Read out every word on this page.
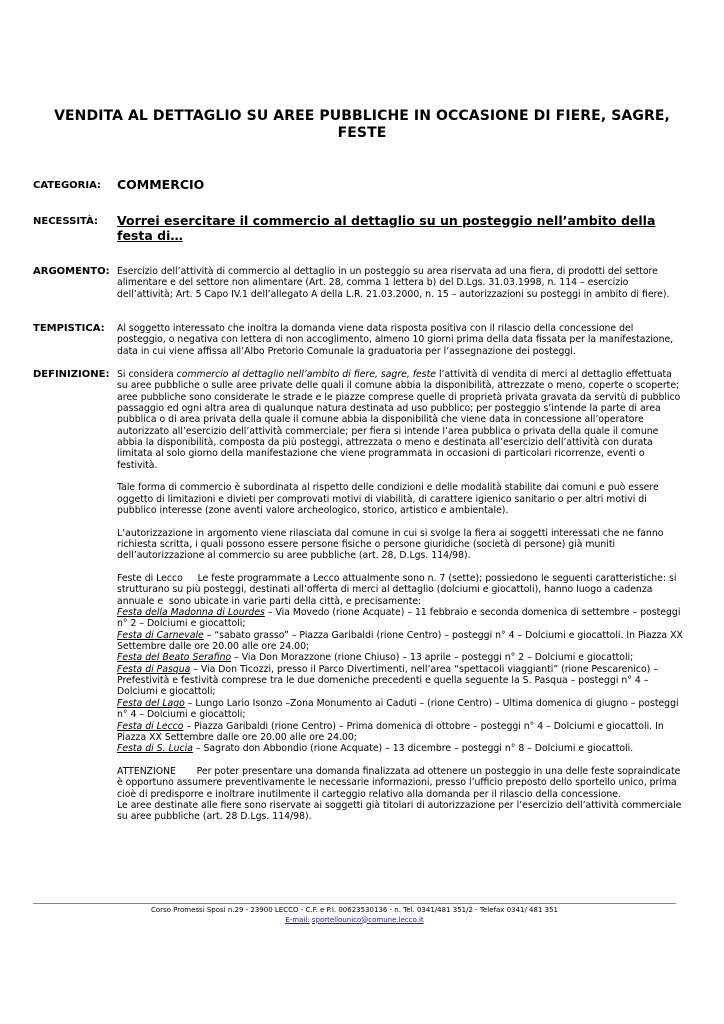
VENDITA AL DETTAGLIO SU AREE PUBBLICHE IN OCCASIONE DI FIERE, SAGRE, FESTE
CATEGORIA: COMMERCIO
NECESSITÀ: Vorrei esercitare il commercio al dettaglio su un posteggio nell’ambito della festa di…
ARGOMENTO: Esercizio dell’attività di commercio al dettaglio in un posteggio su area riservata ad una fiera, di prodotti del settore alimentare e del settore non alimentare (Art. 28, comma 1 lettera b) del D.Lgs. 31.03.1998, n. 114 – esercizio dell’attività; Art. 5 Capo IV.1 dell’allegato A della L.R. 21.03.2000, n. 15 – autorizzazioni su posteggi in ambito di fiere).
TEMPISTICA: Al soggetto interessato che inoltra la domanda viene data risposta positiva con il rilascio della concessione del posteggio, o negativa con lettera di non accoglimento, almeno 10 giorni prima della data fissata per la manifestazione, data in cui viene affissa all’Albo Pretorio Comunale la graduatoria per l’assegnazione dei posteggi.
DEFINIZIONE: Si considera commercio al dettaglio nell’ambito di fiere, sagre, feste l’attività di vendita di merci al dettaglio effettuata su aree pubbliche o sulle aree private delle quali il comune abbia la disponibilità, attrezzate o meno, coperte o scoperte; aree pubbliche sono considerate le strade e le piazze comprese quelle di proprietà privata gravata da servitù di pubblico passaggio ed ogni altra area di qualunque natura destinata ad uso pubblico; per posteggio s’intende la parte di area pubblica o di area privata della quale il comune abbia la disponibilità che viene data in concessione all’operatore autorizzato all’esercizio dell’attività commerciale; per fiera si intende l’area pubblica o privata della quale il comune abbia la disponibilità, composta da più posteggi, attrezzata o meno e destinata all’esercizio dell’attività con durata limitata al solo giorno della manifestazione che viene programmata in occasioni di particolari ricorrenze, eventi o festività.

Tale forma di commercio è subordinata al rispetto delle condizioni e delle modalità stabilite dai comuni e può essere oggetto di limitazioni e divieti per comprovati motivi di viabilità, di carattere igienico sanitario o per altri motivi di pubblico interesse (zone aventi valore archeologico, storico, artistico e ambientale).

L’autorizzazione in argomento viene rilasciata dal comune in cui si svolge la fiera ai soggetti interessati che ne fanno richiesta scritta, i quali possono essere persone fisiche o persone giuridiche (società di persone) già muniti dell’autorizzazione al commercio su aree pubbliche (art. 28, D.Lgs. 114/98).

Feste di Lecco     Le feste programmate a Lecco attualmente sono n. 7 (sette); possiedono le seguenti caratteristiche: si strutturano su più posteggi, destinati all’offerta di merci al dettaglio (dolciumi e giocattoli), hanno luogo a cadenza annuale e  sono ubicate in varie parti della città, e precisamente:

Festa della Madonna di Lourdes – Via Movedo (rione Acquate) – 11 febbraio e seconda domenica di settembre – posteggi n° 2 – Dolciumi e giocattoli;

Festa di Carnevale – “sabato grasso” – Piazza Garibaldi (rione Centro) – posteggi n° 4 – Dolciumi e giocattoli. In Piazza XX Settembre dalle ore 20.00 alle ore 24.00;

Festa del Beato Serafino – Via Don Morazzone (rione Chiuso) – 13 aprile – posteggi n° 2 – Dolciumi e giocattoli;

Festa di Pasqua – Via Don Ticozzi, presso il Parco Divertimenti, nell’area “spettacoli viaggianti” (rione Pescarenico) – Prefestività e festività comprese tra le due domeniche precedenti e quella seguente la S. Pasqua – posteggi n° 4 – Dolciumi e giocattoli;

Festa del Lago – Lungo Lario Isonzo –Zona Monumento ai Caduti – (rione Centro) – Ultima domenica di giugno – posteggi n° 4 – Dolciumi e giocattoli;

Festa di Lecco – Piazza Garibaldi (rione Centro) – Prima domenica di ottobre – posteggi n° 4 – Dolciumi e giocattoli. In Piazza XX Settembre dalle ore 20.00 alle ore 24.00;

Festa di S. Lucia – Sagrato don Abbondio (rione Acquate) – 13 dicembre – posteggi n° 8 – Dolciumi e giocattoli.

ATTENZIONE       Per poter presentare una domanda finalizzata ad ottenere un posteggio in una delle feste sopraindicate è opportuno assumere preventivamente le necessarie informazioni, presso l’ufficio preposto dello sportello unico, prima cioè di predisporre e inoltrare inutilmente il carteggio relativo alla domanda per il rilascio della concessione.

Le aree destinate alle fiere sono riservate ai soggetti già titolari di autorizzazione per l’esercizio dell’attività commerciale su aree pubbliche (art. 28 D.Lgs. 114/98).

Corso Promessi Sposi n.29 - 23900 LECCO - C.F. e P.I. 00623530136 - n. Tel. 0341/481 351/2 - Telefax 0341/ 481 351
E-mail: sportellounico@comune.lecco.it
